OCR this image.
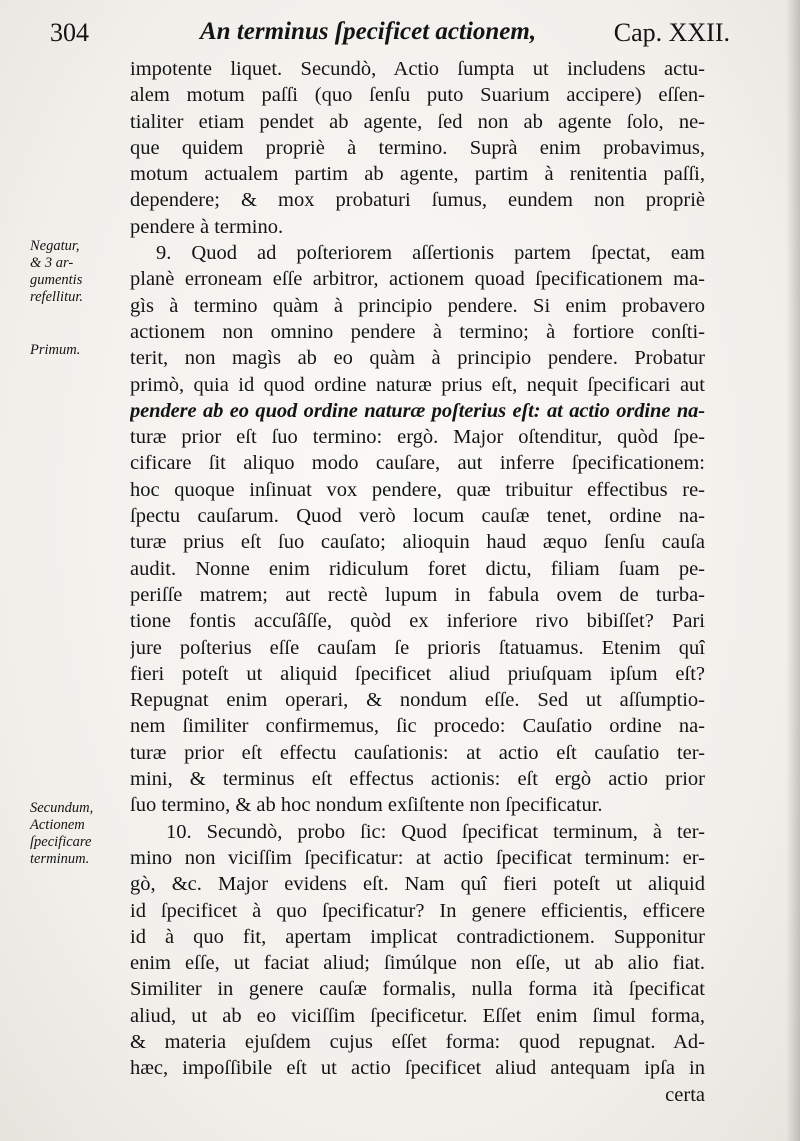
304	An terminus ſpecificet actionem,	Cap. XXII.
impotente liquet. Secundò, Actio ſumpta ut includens actu-
alem motum paſſi (quo ſenſu puto Suarium accipere) eſſen-
tialiter etiam pendet ab agente, ſed non ab agente ſolo, ne-
que quidem propriè à termino. Suprà enim probavimus,
motum actualem partim ab agente, partim à renitentia paſſi,
dependere; & mox probaturi ſumus, eundem non propriè
pendere à termino.
9. Quod ad poſteriorem aſſertionis partem ſpectat, eam
planè erroneam eſſe arbitror, actionem quoad ſpecificationem ma-
gìs à termino quàm à principio pendere. Si enim probavero
actionem non omnino pendere à termino; à fortiore conſti-
terit, non magìs ab eo quàm à principio pendere. Probatur
primò, quia id quod ordine naturæ prius eſt, nequit ſpecificari aut
pendere ab eo quod ordine naturæ poſterius eſt: at actio ordine na-
turæ prior eſt ſuo termino: ergò. Major oſtenditur, quòd ſpe-
cificare ſit aliquo modo cauſare, aut inferre ſpecificationem:
hoc quoque inſinuat vox pendere, quæ tribuitur effectibus re-
ſpectu cauſarum. Quod verò locum cauſæ tenet, ordine na-
turæ prius eſt ſuo cauſato; alioquin haud æquo ſenſu cauſa
audit. Nonne enim ridiculum foret dictu, filiam ſuam pe-
periſſe matrem; aut rectè lupum in fabula ovem de turba-
tione fontis accuſâſſe, quòd ex inferiore rivo bibiſſet? Pari
jure poſterius eſſe cauſam ſe prioris ſtatuamus. Etenim quî
fieri poteſt ut aliquid ſpecificet aliud priuſquam ipſum eſt?
Repugnat enim operari, & nondum eſſe. Sed ut aſſumptio-
nem ſimiliter confirmemus, ſic procedo: Cauſatio ordine na-
turæ prior eſt effectu cauſationis: at actio eſt cauſatio ter-
mini, & terminus eſt effectus actionis: eſt ergò actio prior
ſuo termino, & ab hoc nondum exſiſtente non ſpecificatur.
10. Secundò, probo ſic: Quod ſpecificat terminum, à ter-
mino non viciſſim ſpecificatur: at actio ſpecificat terminum: er-
gò, &c. Major evidens eſt. Nam quî fieri poteſt ut aliquid
id ſpecificet à quo ſpecificatur? In genere efficientis, efficere
id à quo fit, apertam implicat contradictionem. Supponitur
enim eſſe, ut faciat aliud; ſimúlque non eſſe, ut ab alio fiat.
Similiter in genere cauſæ formalis, nulla forma ità ſpecificat
aliud, ut ab eo viciſſim ſpecificetur. Eſſet enim ſimul forma,
& materia ejuſdem cujus eſſet forma: quod repugnat. Ad-
hæc, impoſſibile eſt ut actio ſpecificet aliud antequam ipſa in
certa
Negatur,
& 3 ar-
gumentis
refellitur.
Primum.
Secundum,
Actionem
ſpecificare
terminum.
